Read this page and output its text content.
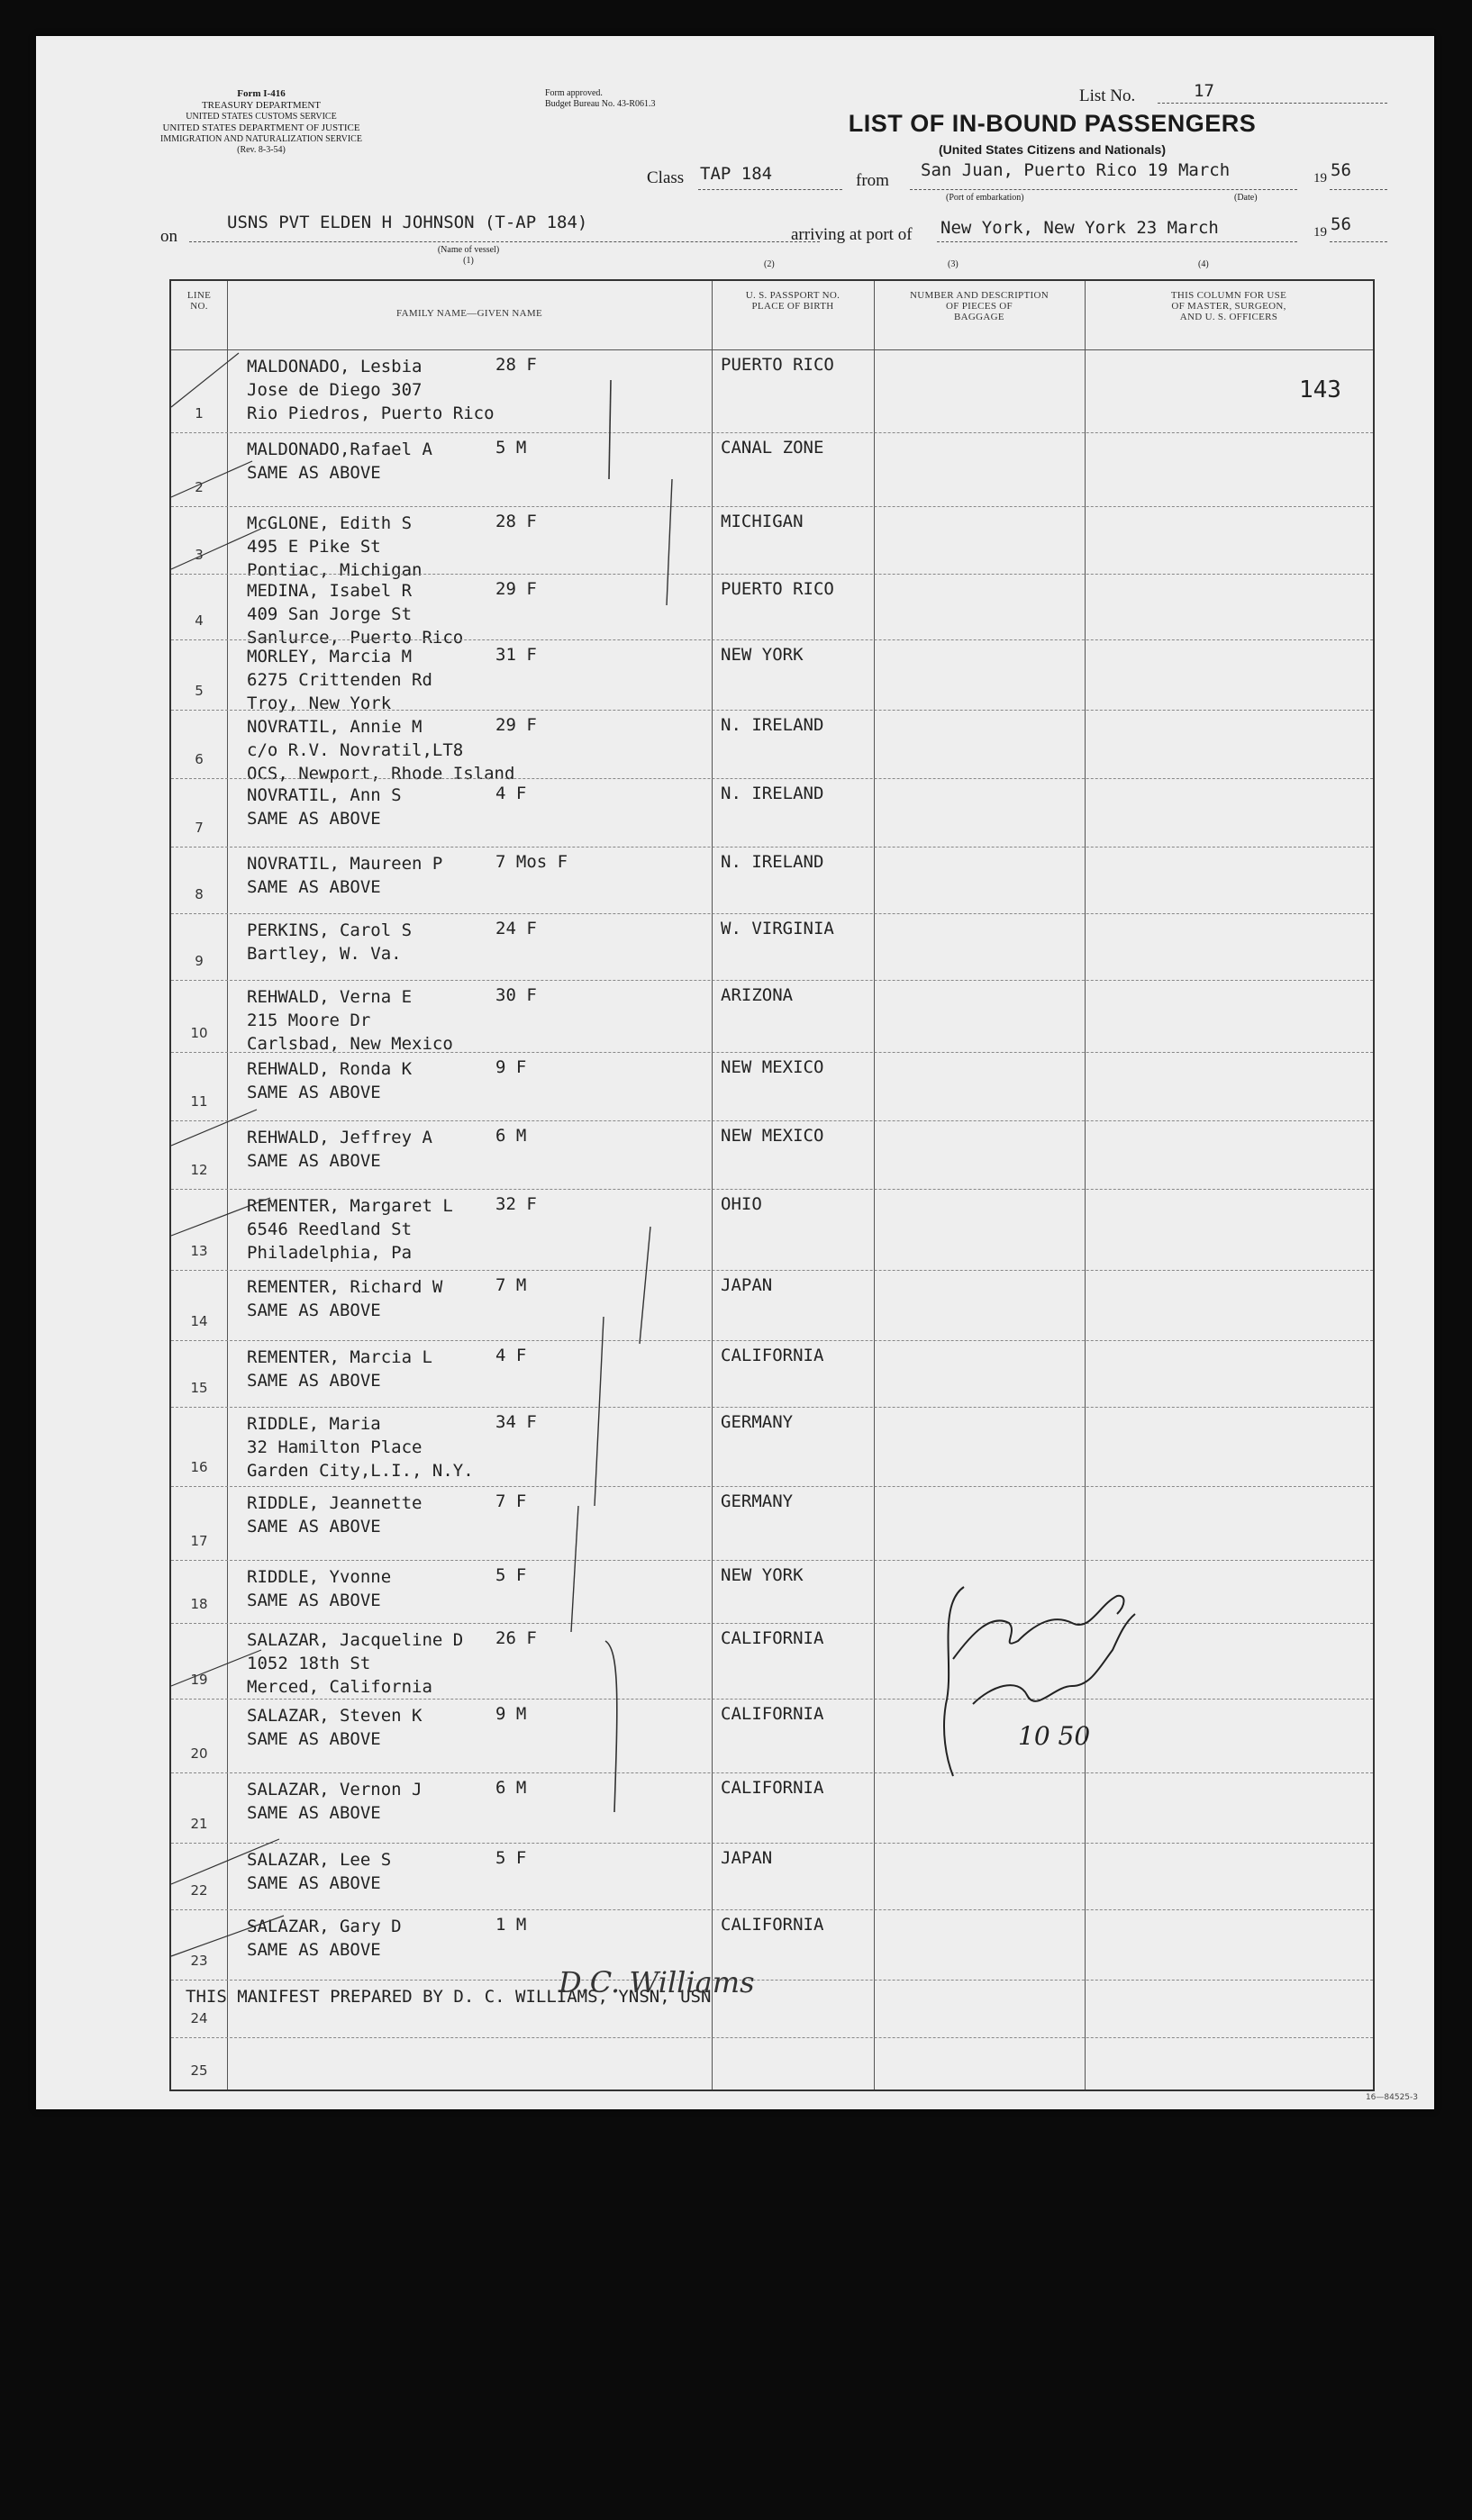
Form I-416
TREASURY DEPARTMENT
UNITED STATES CUSTOMS SERVICE
UNITED STATES DEPARTMENT OF JUSTICE
IMMIGRATION AND NATURALIZATION SERVICE
(Rev. 8-3-54)
Form approved.
Budget Bureau No. 43-R061.3	List No.	17
LIST OF IN-BOUND PASSENGERS
(United States Citizens and Nationals)
Class TAP 184	from
San Juan, Puerto Rico 19 March	19 56
(Port of embarkation)	(Date)
on
USNS PVT ELDEN H JOHNSON (T-AP 184)
(Name of vessel)
(1)
arriving at port of New York, New York 23 March	19 56
(2)	(3)	(4)
LINE
NO.
FAMILY NAME—GIVEN NAME
U. S. PASSPORT NO.
PLACE OF BIRTH
NUMBER AND DESCRIPTION
OF PIECES OF
BAGGAGE
THIS COLUMN FOR USE
OF MASTER, SURGEON,
AND U. S. OFFICERS
1
MALDONADO, Lesbia
Jose de Diego 307
Rio Piedros, Puerto Rico
28 F	PUERTO RICO
2
MALDONADO,Rafael A
SAME AS ABOVE
5 M	CANAL ZONE
3
McGLONE, Edith S
495 E Pike St
Pontiac, Michigan
28 F	MICHIGAN
4
MEDINA, Isabel R
409 San Jorge St
Sanlurce, Puerto Rico
29 F	PUERTO RICO
5
MORLEY, Marcia M
6275 Crittenden Rd
Troy, New York
31 F	NEW YORK
6
NOVRATIL, Annie M
c/o R.V. Novratil,LT8
OCS, Newport, Rhode Island
29 F	N. IRELAND
7
NOVRATIL, Ann S
SAME AS ABOVE
4 F	N. IRELAND
8
NOVRATIL, Maureen P
SAME AS ABOVE
7 Mos F	N. IRELAND
9
PERKINS, Carol S
Bartley, W. Va.
24 F	W. VIRGINIA
10
REHWALD, Verna E
215 Moore Dr
Carlsbad, New Mexico
30 F	ARIZONA
11
REHWALD, Ronda K
SAME AS ABOVE
9 F	NEW MEXICO
12
REHWALD, Jeffrey A
SAME AS ABOVE
6 M	NEW MEXICO
13
REMENTER, Margaret L
6546 Reedland St
Philadelphia, Pa
32 F	OHIO
14
REMENTER, Richard W
SAME AS ABOVE
7 M	JAPAN
15
REMENTER, Marcia L
SAME AS ABOVE
4 F	CALIFORNIA
16
RIDDLE, Maria
32 Hamilton Place
Garden City,L.I., N.Y.
34 F	GERMANY
17
RIDDLE, Jeannette
SAME AS ABOVE
7 F	GERMANY
18
RIDDLE, Yvonne
SAME AS ABOVE
5 F	NEW YORK
19
SALAZAR, Jacqueline D
1052 18th St
Merced, California
26 F	CALIFORNIA
20
SALAZAR, Steven K
SAME AS ABOVE
9 M	CALIFORNIA
21
SALAZAR, Vernon J
SAME AS ABOVE
6 M	CALIFORNIA
22
SALAZAR, Lee S
SAME AS ABOVE
5 F	JAPAN
23
SALAZAR, Gary D
SAME AS ABOVE
1 M	CALIFORNIA
24
THIS MANIFEST PREPARED BY D. C. WILLIAMS, YNSN, USN
25
143
10 50
D.C. Williams
16—84525-3
